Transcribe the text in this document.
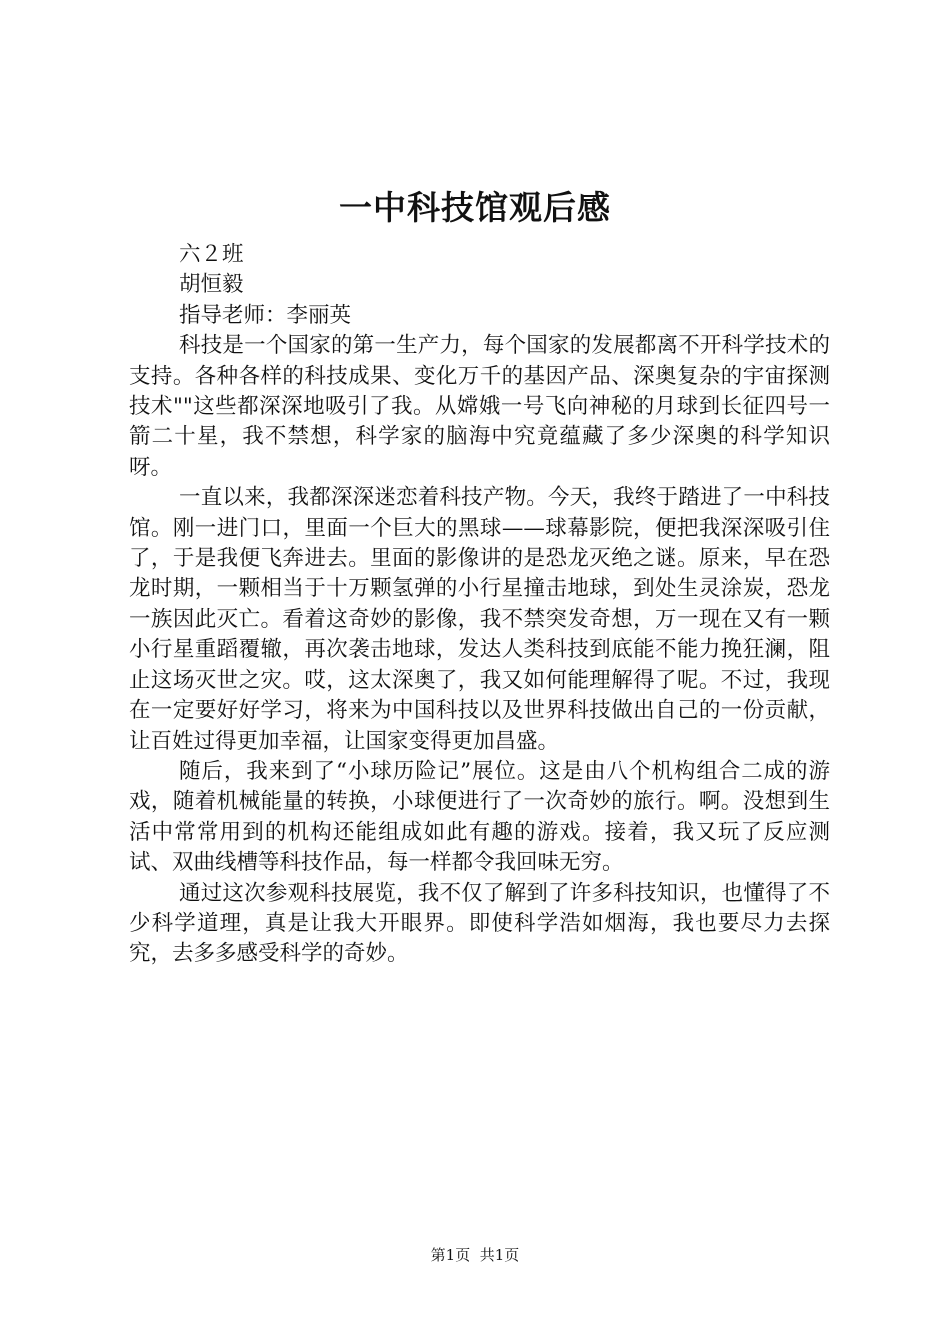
一中科技馆观后感

六２班

胡恒毅

指导老师：李丽英

科技是一个国家的第一生产力，每个国家的发展都离不开科学技术的支持。各种各样的科技成果、变化万千的基因产品、深奥复杂的宇宙探测技术""这些都深深地吸引了我。从嫦娥一号飞向神秘的月球到长征四号一箭二十星，我不禁想，科学家的脑海中究竟蕴藏了多少深奥的科学知识呀。

一直以来，我都深深迷恋着科技产物。今天，我终于踏进了一中科技馆。刚一进门口，里面一个巨大的黑球——球幕影院，便把我深深吸引住了，于是我便飞奔进去。里面的影像讲的是恐龙灭绝之谜。原来，早在恐龙时期，一颗相当于十万颗氢弹的小行星撞击地球，到处生灵涂炭，恐龙一族因此灭亡。看着这奇妙的影像，我不禁突发奇想，万一现在又有一颗小行星重蹈覆辙，再次袭击地球，发达人类科技到底能不能力挽狂澜，阻止这场灭世之灾。哎，这太深奥了，我又如何能理解得了呢。不过，我现在一定要好好学习，将来为中国科技以及世界科技做出自己的一份贡献，让百姓过得更加幸福，让国家变得更加昌盛。

随后，我来到了“小球历险记”展位。这是由八个机构组合二成的游戏，随着机械能量的转换，小球便进行了一次奇妙的旅行。啊。没想到生活中常常用到的机构还能组成如此有趣的游戏。接着，我又玩了反应测试、双曲线槽等科技作品，每一样都令我回味无穷。

通过这次参观科技展览，我不仅了解到了许多科技知识，也懂得了不少科学道理，真是让我大开眼界。即使科学浩如烟海，我也要尽力去探究，去多多感受科学的奇妙。

第1页 共1页
